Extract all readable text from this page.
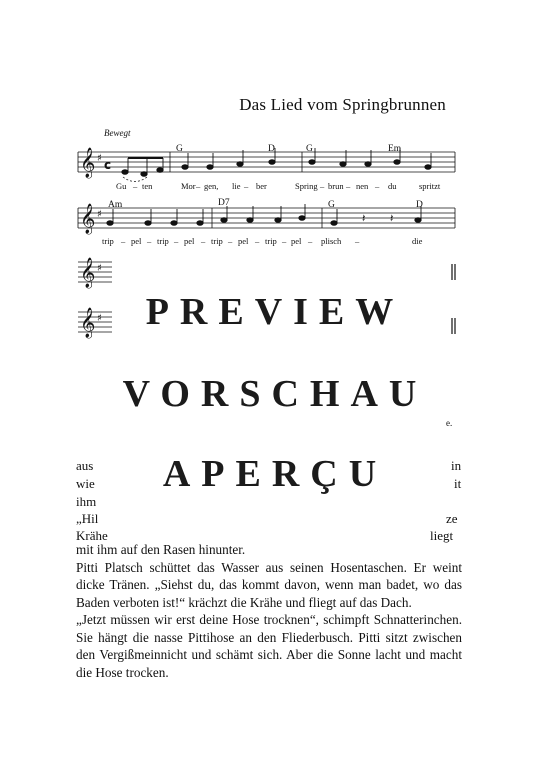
Das Lied vom Springbrunnen
Bewegt
G	D	G	Em
Am	D7	G	D
𝄞 ♯ c
𝄞 ♯
𝄞 ♯
𝄞 ♯
𝄽 𝄽
Gu – ten	Mor – gen, lie – ber	Spring – brun – nen – du	spritzt
trip – pel – trip – pel – trip – pel – trip – pel – plisch –	die
PREVIEW
VORSCHAU
APERÇU
aus	in
wie	it
ihm
„Hil	ze
e.
Krähe	liegt

mit ihm auf den Rasen hinunter.

Pitti Platsch schüttet das Wasser aus seinen Hosentaschen. Er weint dicke Tränen. „Siehst du, das kommt davon, wenn man badet, wo das Baden verboten ist!“ krächzt die Krähe und fliegt auf das Dach.

„Jetzt müssen wir erst deine Hose trocknen“, schimpft Schnatterinchen. Sie hängt die nasse Pittihose an den Fliederbusch. Pitti sitzt zwischen den Vergißmeinnicht und schämt sich. Aber die Sonne lacht und macht die Hose trocken.
